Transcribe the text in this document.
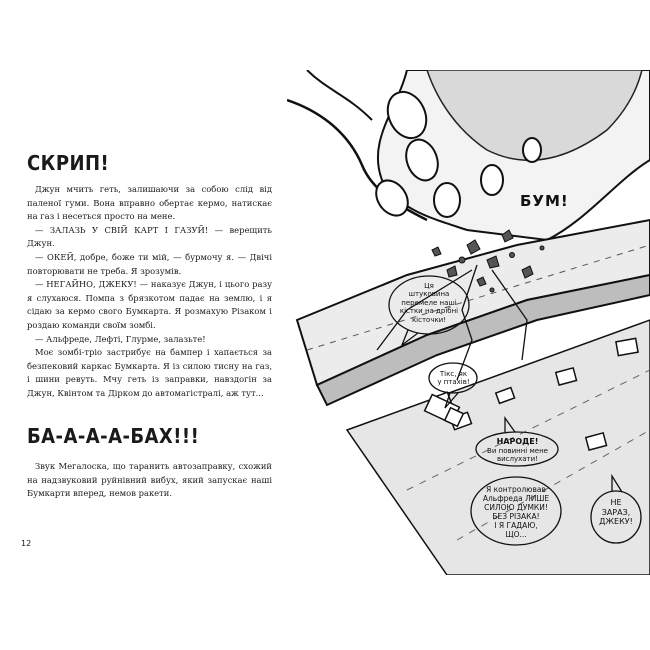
СКРИП!

Джун мчить геть, залишаючи за собою слід від паленої гуми. Вона вправно обертає кермо, натискає на газ і несеться просто на мене.

— ЗАЛАЗЬ У СВІЙ КАРТ І ГАЗУЙ! — верещить Джун.

— ОКЕЙ, добре, боже ти мій, — бурмочу я. — Двічі повторювати не треба. Я зрозумів.

— НЕГАЙНО, ДЖЕКУ! — наказує Джун, і цього разу я слухаюся. Помпа з брязкотом падає на землю, і я сідаю за кермо свого Бумкарта. Я розмахую Різаком і роздаю команди своїм зомбі.

— Альфреде, Лефті, Глурме, залазьте!

Моє зомбі-тріо застрибує на бампер і хапається за безпековий каркас Бумкарта. Я із силою тисну на газ, і шини ревуть. Мчу геть із заправки, навздогін за Джун, Квінтом та Дірком до автомагістралі, аж тут...

БА-А-А-А-БАХ!!!

Звук Мегалоска, що таранить автозаправку, схожий на надзвуковий руйнівний вибух, який запускає наші Бумкарти вперед, немов ракети.

12
БУМ!
Ця
штуковина
перемеле наші
кістки на дрібні
кісточки!
Тікс, як
у птахів!
НАРОДЕ!
Ви повинні мене
вислухати!
Я контролював
Альфреда ЛИШЕ
СИЛОЮ ДУМКИ!
БЕЗ РІЗАКА!
І Я ГАДАЮ,
ЩО...
НЕ
ЗАРАЗ,
ДЖЕКУ!
